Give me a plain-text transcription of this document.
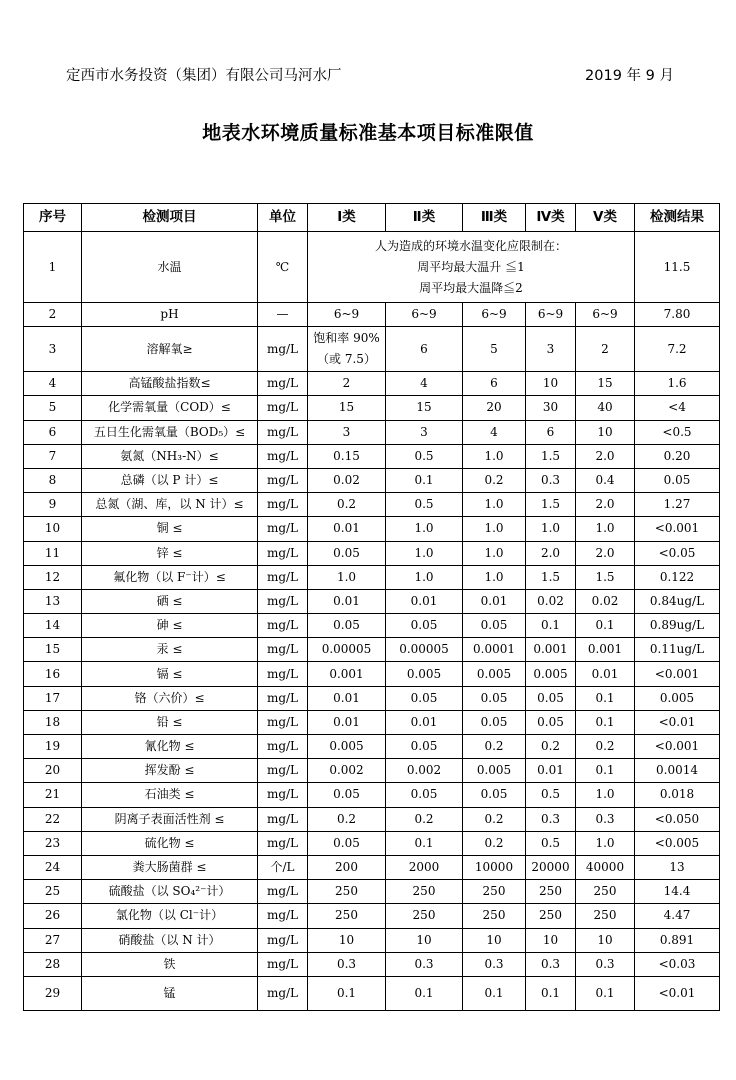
定西市水务投资（集团）有限公司马河水厂	2019 年 9 月
地表水环境质量标准基本项目标准限值
序号	检测项目	单位	Ⅰ类	Ⅱ类	Ⅲ类	Ⅳ类	Ⅴ类	检测结果
1	水温	℃	人为造成的环境水温变化应限制在：
周平均最大温升 ≦1
周平均最大温降≦2					11.5
2	pH	—	6~9	6~9	6~9	6~9	6~9	7.80
3	溶解氧≥	mg/L	饱和率 90%
（或 7.5）	6	5	3	2	7.2
4	高锰酸盐指数≤	mg/L	2	4	6	10	15	1.6
5	化学需氧量（COD）≤	mg/L	15	15	20	30	40	<4
6	五日生化需氧量（BOD₅）≤	mg/L	3	3	4	6	10	<0.5
7	氨氮（NH₃-N）≤	mg/L	0.15	0.5	1.0	1.5	2.0	0.20
8	总磷（以 P 计）≤	mg/L	0.02	0.1	0.2	0.3	0.4	0.05
9	总氮（湖、库，以 N 计）≤	mg/L	0.2	0.5	1.0	1.5	2.0	1.27
10	铜 ≤	mg/L	0.01	1.0	1.0	1.0	1.0	<0.001
11	锌 ≤	mg/L	0.05	1.0	1.0	2.0	2.0	<0.05
12	氟化物（以 F⁻计）≤	mg/L	1.0	1.0	1.0	1.5	1.5	0.122
13	硒 ≤	mg/L	0.01	0.01	0.01	0.02	0.02	0.84ug/L
14	砷 ≤	mg/L	0.05	0.05	0.05	0.1	0.1	0.89ug/L
15	汞 ≤	mg/L	0.00005	0.00005	0.0001	0.001	0.001	0.11ug/L
16	镉 ≤	mg/L	0.001	0.005	0.005	0.005	0.01	<0.001
17	铬（六价）≤	mg/L	0.01	0.05	0.05	0.05	0.1	0.005
18	铅 ≤	mg/L	0.01	0.01	0.05	0.05	0.1	<0.01
19	氰化物 ≤	mg/L	0.005	0.05	0.2	0.2	0.2	<0.001
20	挥发酚 ≤	mg/L	0.002	0.002	0.005	0.01	0.1	0.0014
21	石油类 ≤	mg/L	0.05	0.05	0.05	0.5	1.0	0.018
22	阴离子表面活性剂 ≤	mg/L	0.2	0.2	0.2	0.3	0.3	<0.050
23	硫化物 ≤	mg/L	0.05	0.1	0.2	0.5	1.0	<0.005
24	粪大肠菌群 ≤	个/L	200	2000	10000	20000	40000	13
25	硫酸盐（以 SO₄²⁻计）	mg/L	250	250	250	250	250	14.4
26	氯化物（以 Cl⁻计）	mg/L	250	250	250	250	250	4.47
27	硝酸盐（以 N 计）	mg/L	10	10	10	10	10	0.891
28	铁	mg/L	0.3	0.3	0.3	0.3	0.3	<0.03
29	锰	mg/L	0.1	0.1	0.1	0.1	0.1	<0.01
